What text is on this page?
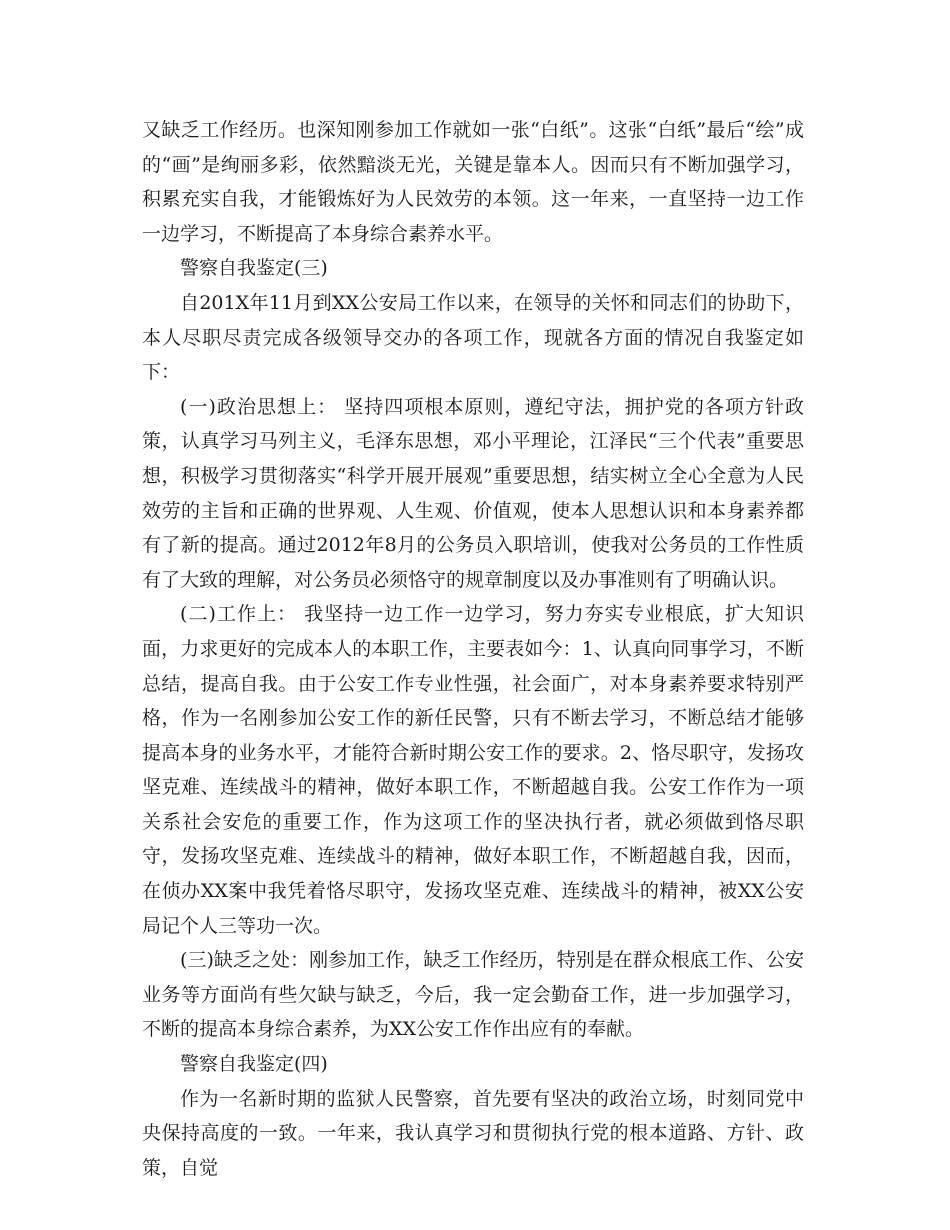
又缺乏工作经历。也深知刚参加工作就如一张“白纸”。这张“白纸”最后“绘”成的“画”是绚丽多彩，依然黯淡无光，关键是靠本人。因而只有不断加强学习，积累充实自我，才能锻炼好为人民效劳的本领。这一年来，一直坚持一边工作一边学习，不断提高了本身综合素养水平。

警察自我鉴定(三)

自201X年11月到XX公安局工作以来，在领导的关怀和同志们的协助下，本人尽职尽责完成各级领导交办的各项工作，现就各方面的情况自我鉴定如下：

(一)政治思想上： 坚持四项根本原则，遵纪守法，拥护党的各项方针政策，认真学习马列主义，毛泽东思想，邓小平理论，江泽民“三个代表”重要思想，积极学习贯彻落实“科学开展开展观”重要思想，结实树立全心全意为人民效劳的主旨和正确的世界观、人生观、价值观，使本人思想认识和本身素养都有了新的提高。通过2012年8月的公务员入职培训，使我对公务员的工作性质有了大致的理解，对公务员必须恪守的规章制度以及办事准则有了明确认识。

(二)工作上： 我坚持一边工作一边学习，努力夯实专业根底，扩大知识面，力求更好的完成本人的本职工作，主要表如今：1、认真向同事学习，不断总结，提高自我。由于公安工作专业性强，社会面广，对本身素养要求特别严格，作为一名刚参加公安工作的新任民警，只有不断去学习，不断总结才能够提高本身的业务水平，才能符合新时期公安工作的要求。2、恪尽职守，发扬攻坚克难、连续战斗的精神，做好本职工作，不断超越自我。公安工作作为一项关系社会安危的重要工作，作为这项工作的坚决执行者，就必须做到恪尽职守，发扬攻坚克难、连续战斗的精神，做好本职工作，不断超越自我，因而，在侦办XX案中我凭着恪尽职守，发扬攻坚克难、连续战斗的精神，被XX公安局记个人三等功一次。

(三)缺乏之处：刚参加工作，缺乏工作经历，特别是在群众根底工作、公安业务等方面尚有些欠缺与缺乏，今后，我一定会勤奋工作，进一步加强学习，不断的提高本身综合素养，为XX公安工作作出应有的奉献。

警察自我鉴定(四)

作为一名新时期的监狱人民警察，首先要有坚决的政治立场，时刻同党中央保持高度的一致。一年来，我认真学习和贯彻执行党的根本道路、方针、政策，自觉
